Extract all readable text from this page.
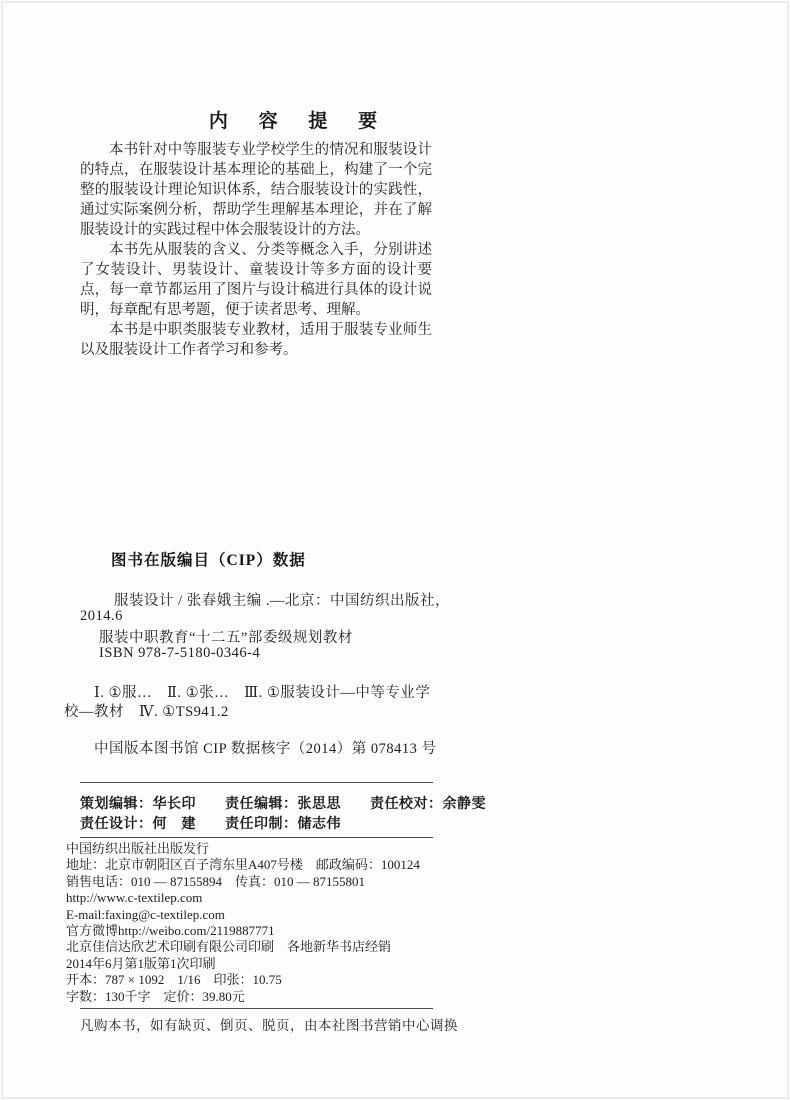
内 容 提 要

本书针对中等服装专业学校学生的情况和服装设计的特点，在服装设计基本理论的基础上，构建了一个完整的服装设计理论知识体系，结合服装设计的实践性，通过实际案例分析，帮助学生理解基本理论，并在了解服装设计的实践过程中体会服装设计的方法。

本书先从服装的含义、分类等概念入手，分别讲述了女装设计、男装设计、童装设计等多方面的设计要点，每一章节都运用了图片与设计稿进行具体的设计说明，每章配有思考题，便于读者思考、理解。

本书是中职类服装专业教材，适用于服装专业师生以及服装设计工作者学习和参考。

图书在版编目（CIP）数据
服装设计 / 张春娥主编 .—北京：中国纺织出版社，
2014.6
服装中职教育“十二五”部委级规划教材
ISBN 978-7-5180-0346-4
Ⅰ. ①服…　Ⅱ. ①张…　Ⅲ. ①服装设计—中等专业学
校—教材　Ⅳ. ①TS941.2
中国版本图书馆 CIP 数据核字（2014）第 078413 号
策划编辑：华长印　　责任编辑：张思思　　责任校对：余静雯
责任设计：何　建　　责任印制：储志伟
中国纺织出版社出版发行
地址：北京市朝阳区百子湾东里A407号楼　邮政编码：100124
销售电话：010 — 87155894　传真：010 — 87155801
http://www.c-textilep.com
E-mail:faxing@c-textilep.com
官方微博http://weibo.com/2119887771
北京佳信达欣艺术印刷有限公司印刷　各地新华书店经销
2014年6月第1版第1次印刷
开本：787 × 1092　1/16　印张：10.75
字数：130千字　定价：39.80元
凡购本书，如有缺页、倒页、脱页，由本社图书营销中心调换
